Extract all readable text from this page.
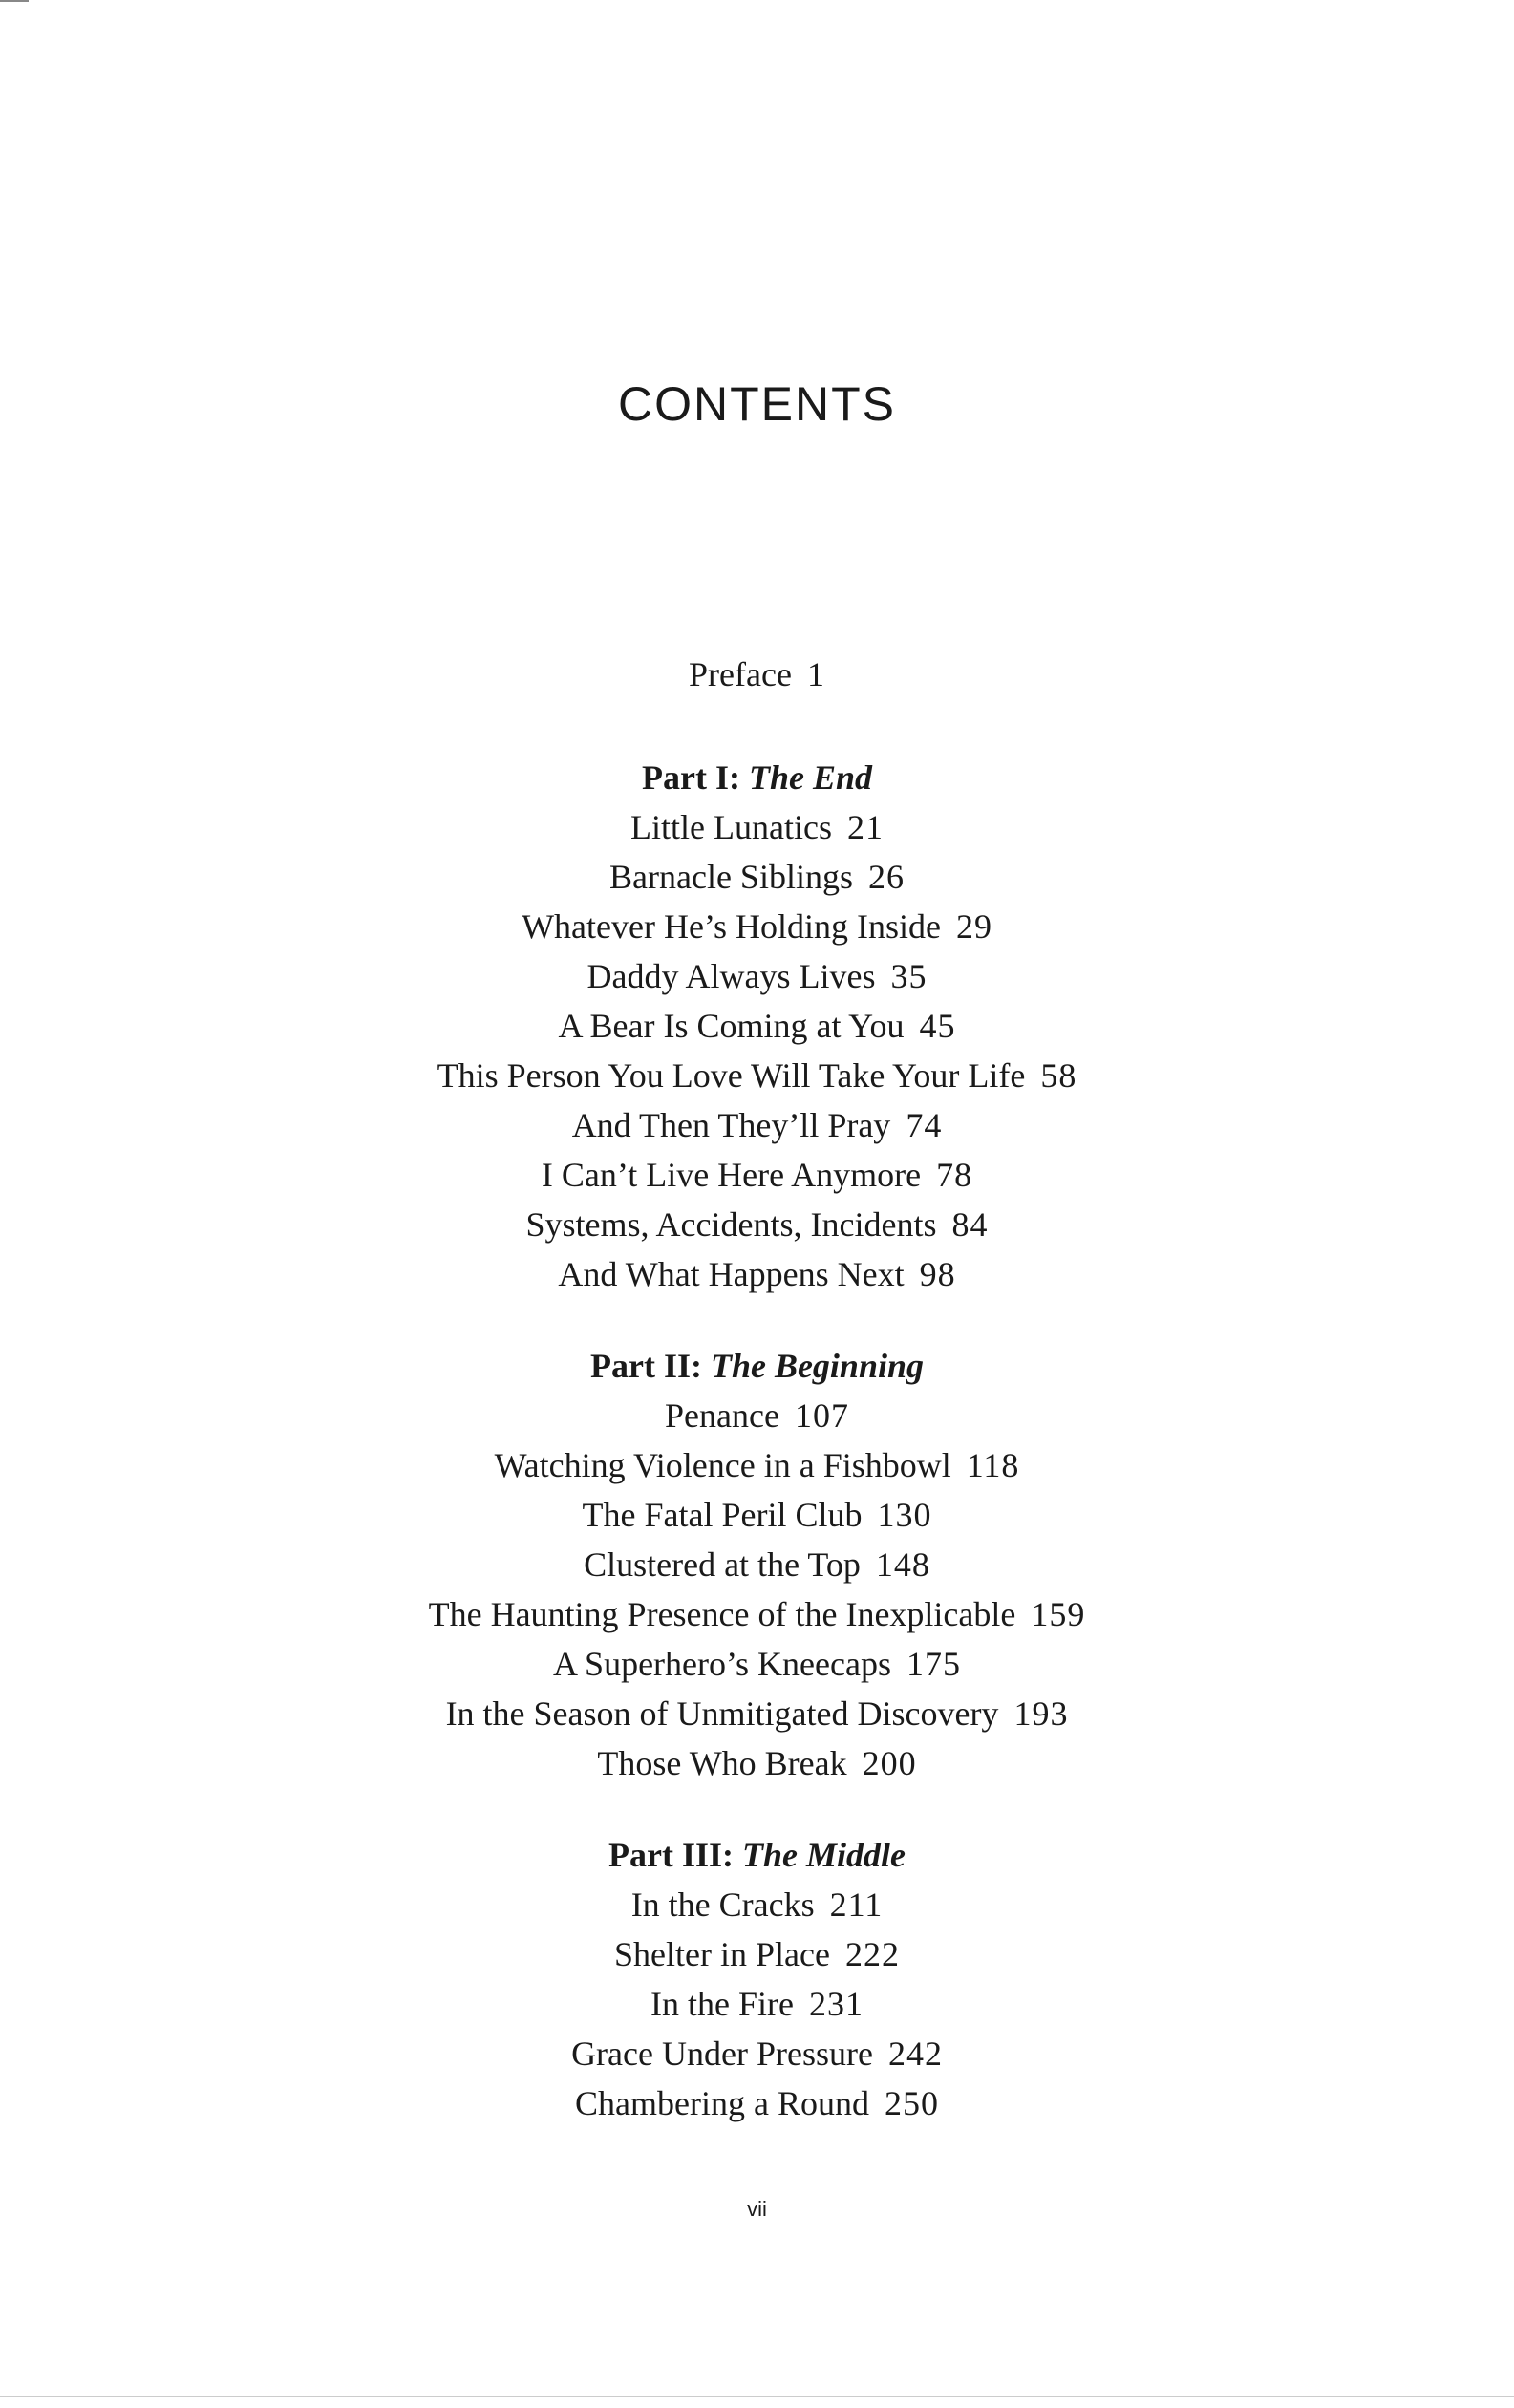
CONTENTS
Preface 1
Part I: The End
Little Lunatics 21
Barnacle Siblings 26
Whatever He’s Holding Inside 29
Daddy Always Lives 35
A Bear Is Coming at You 45
This Person You Love Will Take Your Life 58
And Then They’ll Pray 74
I Can’t Live Here Anymore 78
Systems, Accidents, Incidents 84
And What Happens Next 98
Part II: The Beginning
Penance 107
Watching Violence in a Fishbowl 118
The Fatal Peril Club 130
Clustered at the Top 148
The Haunting Presence of the Inexplicable 159
A Superhero’s Kneecaps 175
In the Season of Unmitigated Discovery 193
Those Who Break 200
Part III: The Middle
In the Cracks 211
Shelter in Place 222
In the Fire 231
Grace Under Pressure 242
Chambering a Round 250
vii
